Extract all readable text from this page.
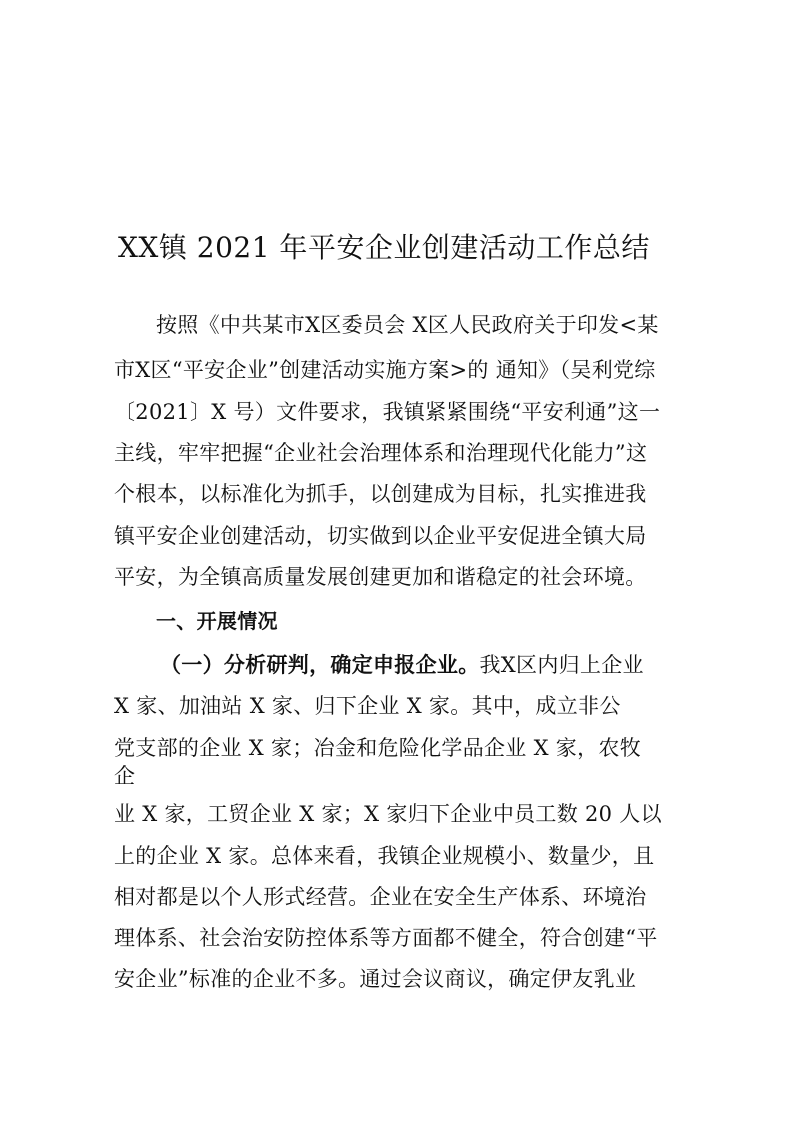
XX镇 2021 年平安企业创建活动工作总结
按照《中共某市X区委员会 X区人民政府关于印发<某
市X区“平安企业”创建活动实施方案>的 通知》（吴利党综
〔2021〕X 号）文件要求，我镇紧紧围绕“平安利通”这一
主线，牢牢把握“企业社会治理体系和治理现代化能力”这
个根本，以标准化为抓手，以创建成为目标，扎实推进我
镇平安企业创建活动，切实做到以企业平安促进全镇大局
平安，为全镇高质量发展创建更加和谐稳定的社会环境。
一、开展情况
（一）分析研判，确定申报企业。我X区内归上企业
X 家、加油站 X 家、归下企业 X 家。其中，成立非公
党支部的企业 X 家；冶金和危险化学品企业 X 家，农牧
企
业 X 家，工贸企业 X 家；X 家归下企业中员工数 20 人以
上的企业 X 家。总体来看，我镇企业规模小、数量少，且
相对都是以个人形式经营。企业在安全生产体系、环境治
理体系、社会治安防控体系等方面都不健全，符合创建“平
安企业”标准的企业不多。通过会议商议，确定伊友乳业
